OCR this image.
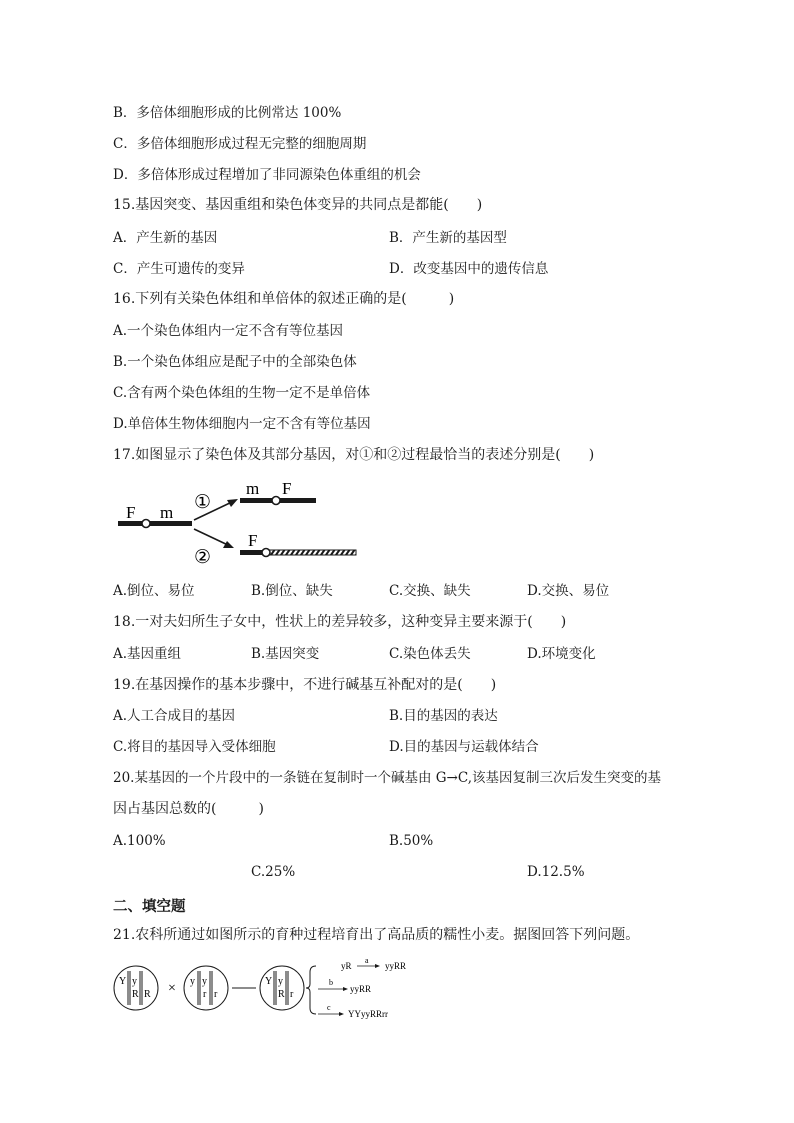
B．多倍体细胞形成的比例常达 100%
C．多倍体细胞形成过程无完整的细胞周期
D．多倍体形成过程增加了非同源染色体重组的机会
15.基因突变、基因重组和染色体变异的共同点是都能(　　)
A．产生新的基因	B．产生新的基因型
C．产生可遗传的变异	D．改变基因中的遗传信息
16.下列有关染色体组和单倍体的叙述正确的是(　　　)
A.一个染色体组内一定不含有等位基因
B.一个染色体组应是配子中的全部染色体
C.含有两个染色体组的生物一定不是单倍体
D.单倍体生物体细胞内一定不含有等位基因
17.如图显示了染色体及其部分基因，对①和②过程最恰当的表述分别是(　　)
F m ①
②
m F
F
A.倒位、易位	B.倒位、缺失	C.交换、缺失	D.交换、易位
18.一对夫妇所生子女中，性状上的差异较多，这种变异主要来源于(　　)
A.基因重组	B.基因突变	C.染色体丢失	D.环境变化
19.在基因操作的基本步骤中，不进行碱基互补配对的是(　　)
A.人工合成目的基因	B.目的基因的表达
C.将目的基因导入受体细胞	D.目的基因与运载体结合
20.某基因的一个片段中的一条链在复制时一个碱基由 G→C,该基因复制三次后发生突变的基
因占基因总数的(　　　)
A.100%	B.50%
C.25%	D.12.5%
二、填空题
21.农科所通过如图所示的育种过程培育出了高品质的糯性小麦。据图回答下列问题。
Y y
R R × y y
r r
Y y
R r
yR
a
yyRR
b
yyRR
c
YYyyRRrr
